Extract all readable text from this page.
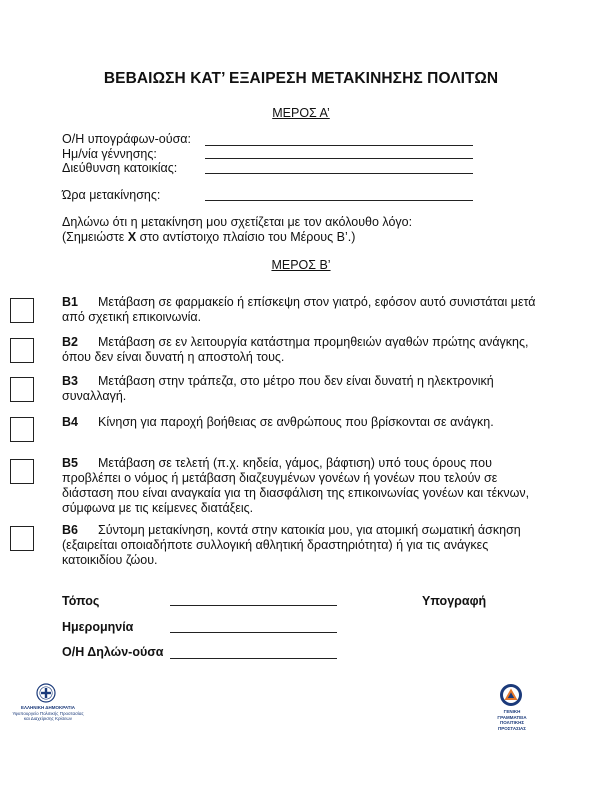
ΒΕΒΑΙΩΣΗ ΚΑΤ’ ΕΞΑΙΡΕΣΗ ΜΕΤΑΚΙΝΗΣΗΣ ΠΟΛΙΤΩΝ
ΜΕΡΟΣ Α’
Ο/Η υπογράφων-ούσα:
Ημ/νία γέννησης:
Διεύθυνση κατοικίας:
Ώρα μετακίνησης:
Δηλώνω ότι η μετακίνηση μου σχετίζεται με τον ακόλουθο λόγο:
(Σημειώστε X στο αντίστοιχο πλαίσιο του Μέρους Β’.)
ΜΕΡΟΣ Β’
B1 Μετάβαση σε φαρμακείο ή επίσκεψη στον γιατρό, εφόσον αυτό συνιστάται μετά από σχετική επικοινωνία.
B2 Μετάβαση σε εν λειτουργία κατάστημα προμηθειών αγαθών πρώτης ανάγκης, όπου δεν είναι δυνατή η αποστολή τους.
B3 Μετάβαση στην τράπεζα, στο μέτρο που δεν είναι δυνατή η ηλεκτρονική συναλλαγή.
B4 Κίνηση για παροχή βοήθειας σε ανθρώπους που βρίσκονται σε ανάγκη.
B5 Μετάβαση σε τελετή (π.χ. κηδεία, γάμος, βάφτιση) υπό τους όρους που προβλέπει ο νόμος ή μετάβαση διαζευγμένων γονέων ή γονέων που τελούν σε διάσταση που είναι αναγκαία για τη διασφάλιση της επικοινωνίας γονέων και τέκνων, σύμφωνα με τις κείμενες διατάξεις.
B6 Σύντομη μετακίνηση, κοντά στην κατοικία μου, για ατομική σωματική άσκηση (εξαιρείται οποιαδήποτε συλλογική αθλητική δραστηριότητα) ή για τις ανάγκες κατοικιδίου ζώου.
Τόπος	Υπογραφή
Ημερομηνία
Ο/Η Δηλών-ούσα
ΕΛΛΗΝΙΚΗ ΔΗΜΟΚΡΑΤΙΑ
Υφυπουργείο Πολιτικής Προστασίας
και Διαχείρισης Κρίσεων
ΓΕΝΙΚΗ ΓΡΑΜΜΑΤΕΙΑ
ΠΟΛΙΤΙΚΗΣ ΠΡΟΣΤΑΣΙΑΣ
